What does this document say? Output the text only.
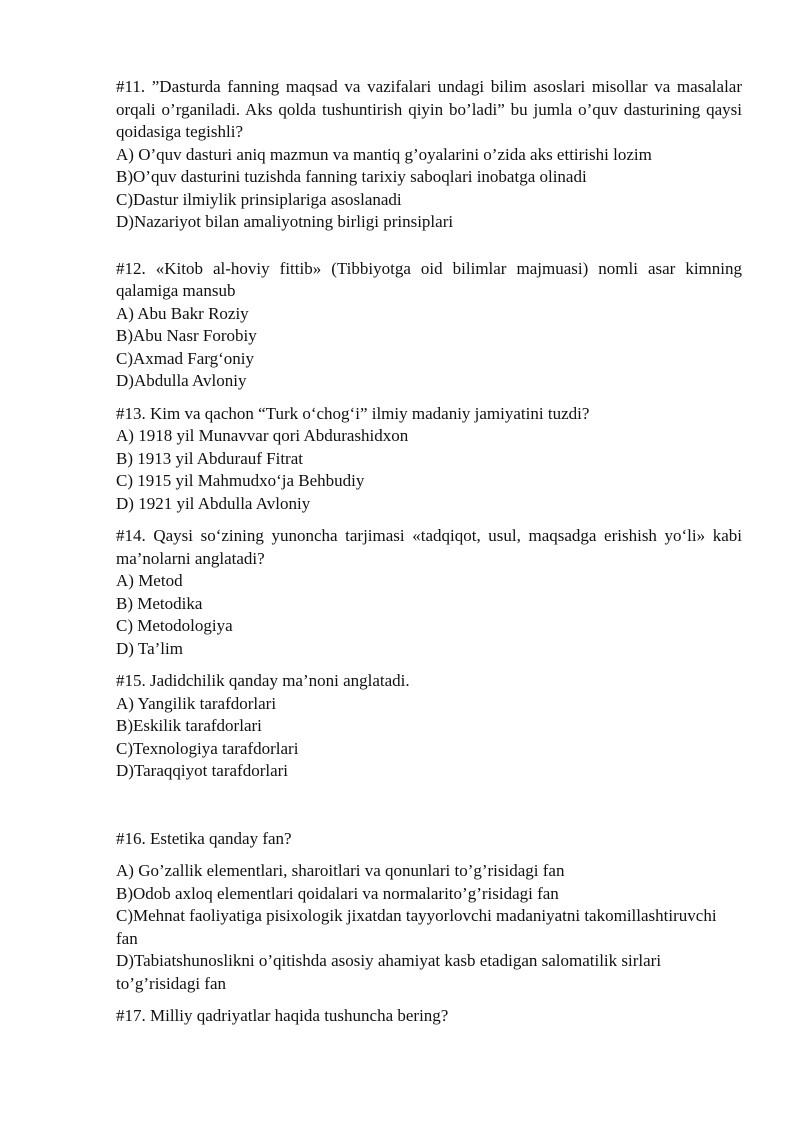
#11. ”Dasturda fanning maqsad va vazifalari undagi bilim asoslari misollar va masalalar orqali o’rganiladi. Aks qolda tushuntirish qiyin bo’ladi” bu jumla o’quv dasturining qaysi qoidasiga tegishli?

A) O’quv dasturi aniq mazmun va mantiq g’oyalarini o’zida aks ettirishi lozim

B)O’quv dasturini tuzishda fanning tarixiy saboqlari inobatga olinadi

C)Dastur ilmiylik prinsiplariga asoslanadi

D)Nazariyot bilan amaliyotning birligi prinsiplari

#12. «Kitob al-hoviy fittib» (Tibbiyotga oid bilimlar majmuasi) nomli asar kimning qalamiga mansub

A) Abu Bakr Roziy

B)Abu Nasr Forobiy

C)Axmad Farg‘oniy

D)Abdulla Avloniy

#13. Kim va qachon “Turk o‘chog‘i” ilmiy madaniy jamiyatini tuzdi?

A) 1918 yil Munavvar qori Abdurashidxon

B) 1913 yil Abdurauf Fitrat

C) 1915 yil Mahmudxo‘ja Behbudiy

D) 1921 yil Abdulla Avloniy

#14. Qaysi so‘zining yunoncha tarjimasi «tadqiqot, usul, maqsadga erishish yo‘li» kabi ma’nolarni anglatadi?

A) Metod

B) Metodika

C) Metodologiya

D) Ta’lim

#15. Jadidchilik qanday ma’noni anglatadi.

A) Yangilik tarafdorlari

B)Eskilik tarafdorlari

C)Texnologiya tarafdorlari

D)Taraqqiyot tarafdorlari

#16. Estetika qanday fan?

A) Go’zallik elementlari, sharoitlari va qonunlari to’g’risidagi fan

B)Odob axloq elementlari qoidalari va normalarito’g’risidagi fan

C)Mehnat faoliyatiga pisixologik jixatdan tayyorlovchi madaniyatni takomillashtiruvchi fan

D)Tabiatshunoslikni o’qitishda asosiy ahamiyat kasb etadigan salomatilik sirlari to’g’risidagi fan

#17. Milliy qadriyatlar haqida tushuncha bering?
